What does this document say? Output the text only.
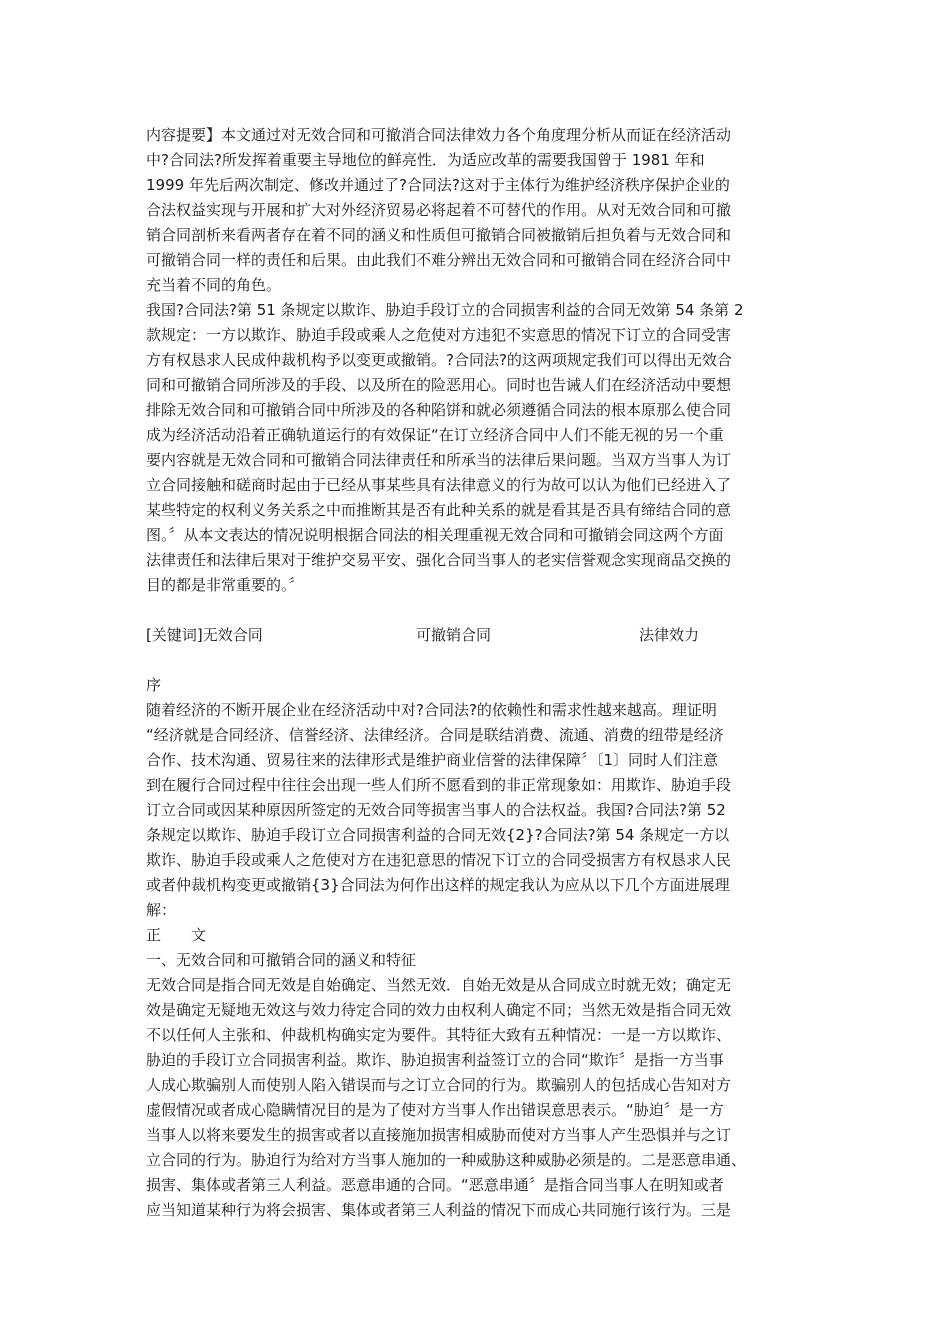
内容提要】本文通过对无效合同和可撤消合同法律效力各个角度理分析从而证在经济活动
中?合同法?所发挥着重要主导地位的鲜亮性．为适应改革的需要我国曾于 1981 年和
1999 年先后两次制定、修改并通过了?合同法?这对于主体行为维护经济秩序保护企业的
合法权益实现与开展和扩大对外经济贸易必将起着不可替代的作用。从对无效合同和可撤
销合同剖析来看两者存在着不同的涵义和性质但可撤销合同被撤销后担负着与无效合同和
可撤销合同一样的责任和后果。由此我们不难分辨出无效合同和可撤销合同在经济合同中
充当着不同的角色。
我国?合同法?第 51 条规定以欺诈、胁迫手段订立的合同损害利益的合同无效第 54 条第 2
款规定：一方以欺诈、胁迫手段或乘人之危使对方违犯不实意思的情况下订立的合同受害
方有权恳求人民成仲裁机构予以变更或撤销。?合同法?的这两项规定我们可以得出无效合
同和可撤销合同所涉及的手段、以及所在的险恶用心。同时也告诫人们在经济活动中要想
排除无效合同和可撤销合同中所涉及的各种陷饼和就必须遵循合同法的根本原那么使合同
成为经济活动沿着正确轨道运行的有效保证“在订立经济合同中人们不能无视的另一个重
要内容就是无效合同和可撤销合同法律责任和所承当的法律后果问题。当双方当事人为订
立合同接触和磋商时起由于已经从事某些具有法律意义的行为故可以认为他们已经进入了
某些特定的权利义务关系之中而推断其是否有此种关系的就是看其是否具有缔结合同的意
图。〞从本文表达的情况说明根据合同法的相关理重视无效合同和可撤销会同这两个方面
法律责任和法律后果对于维护交易平安、强化合同当事人的老实信誉观念实现商品交换的
目的都是非常重要的。〞
[关键词]无效合同	可撤销合同	法律效力
序
随着经济的不断开展企业在经济活动中对?合同法?的依赖性和需求性越来越高。理证明
“经济就是合同经济、信誉经济、法律经济。合同是联结消费、流通、消费的纽带是经济
合作、技术沟通、贸易往来的法律形式是维护商业信誉的法律保障〞〔1〕同时人们注意
到在履行合同过程中往往会出现一些人们所不愿看到的非正常现象如：用欺诈、胁迫手段
订立合同或因某种原因所签定的无效合同等损害当事人的合法权益。我国?合同法?第 52
条规定以欺诈、胁迫手段订立合同损害利益的合同无效{2}?合同法?第 54 条规定一方以
欺诈、胁迫手段或乘人之危使对方在违犯意思的情况下订立的合同受损害方有权恳求人民
或者仲裁机构变更或撤销{3}合同法为何作出这样的规定我认为应从以下几个方面进展理
解：
正　　文
一、无效合同和可撤销合同的涵义和特征
无效合同是指合同无效是自始确定、当然无效．自始无效是从合同成立时就无效；确定无
效是确定无疑地无效这与效力待定合同的效力由权利人确定不同；当然无效是指合同无效
不以任何人主张和、仲裁机构确实定为要件。其特征大致有五种情况：一是一方以欺诈、
胁迫的手段订立合同损害利益。欺诈、胁迫损害利益签订立的合同“欺诈〞是指一方当事
人成心欺骗别人而使别人陷入错误而与之订立合同的行为。欺骗别人的包括成心告知对方
虚假情况或者成心隐瞒情况目的是为了使对方当事人作出错误意思表示。“胁迫〞是一方
当事人以将来要发生的损害或者以直接施加损害相威胁而使对方当事人产生恐惧并与之订
立合同的行为。胁迫行为给对方当事人施加的一种威胁这种威胁必须是的。二是恶意串通、
损害、集体或者第三人利益。恶意串通的合同。“恶意串通〞是指合同当事人在明知或者
应当知道某种行为将会损害、集体或者第三人利益的情况下而成心共同施行该行为。三是
